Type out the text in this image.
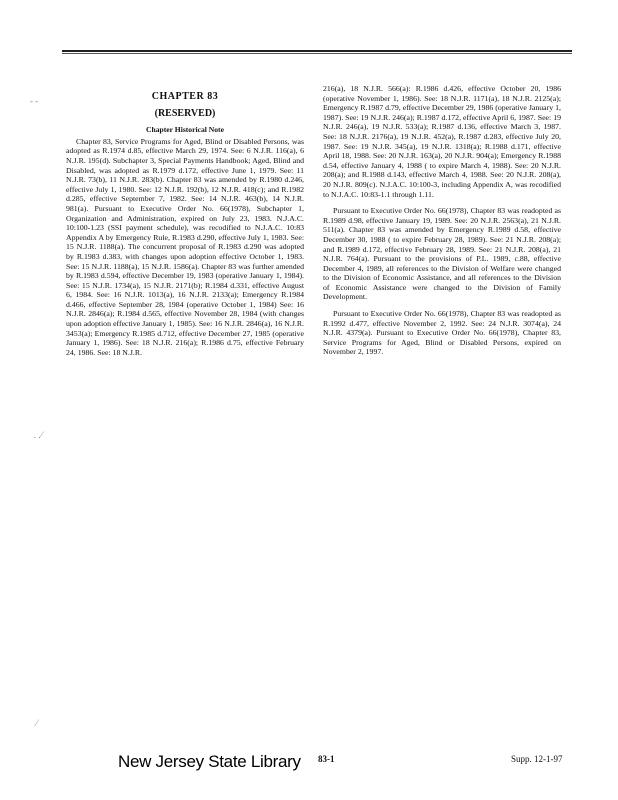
- -
. .⁄
⁄
CHAPTER 83
(RESERVED)
Chapter Historical Note

Chapter 83, Service Programs for Aged, Blind or Disabled Persons, was adopted as R.1974 d.85, effective March 29, 1974. See: 6 N.J.R. 116(a), 6 N.J.R. 195(d). Subchapter 3, Special Payments Handbook; Aged, Blind and Disabled, was adopted as R.1979 d.172, effective June 1, 1979. See: 11 N.J.R. 73(b), 11 N.J.R. 283(b). Chapter 83 was amended by R.1980 d.246, effective July 1, 1980. See: 12 N.J.R. 192(b), 12 N.J.R. 418(c); and R.1982 d.285, effective September 7, 1982. See: 14 N.J.R. 463(b), 14 N.J.R. 981(a). Pursuant to Executive Order No. 66(1978), Subchapter 1, Organization and Administration, expired on July 23, 1983. N.J.A.C. 10:100-1.23 (SSI payment schedule), was recodified to N.J.A.C. 10:83 Appendix A by Emergency Rule, R.1983 d.290, effective July 1, 1983. See: 15 N.J.R. 1188(a). The concurrent proposal of R.1983 d.290 was adopted by R.1983 d.383, with changes upon adoption effective October 1, 1983. See: 15 N.J.R. 1188(a), 15 N.J.R. 1586(a). Chapter 83 was further amended by R.1983 d.594, effective December 19, 1983 (operative January 1, 1984). See: 15 N.J.R. 1734(a), 15 N.J.R. 2171(b); R.1984 d.331, effective August 6, 1984. See: 16 N.J.R. 1013(a), 16 N.J.R. 2133(a); Emergency R.1984 d.466, effective September 28, 1984 (operative October 1, 1984) See: 16 N.J.R. 2846(a); R.1984 d.565, effective November 28, 1984 (with changes upon adoption effective January 1, 1985). See: 16 N.J.R. 2846(a), 16 N.J.R. 3453(a); Emergency R.1985 d.712, effective December 27, 1985 (operative January 1, 1986). See: 18 N.J.R. 216(a); R.1986 d.75, effective February 24, 1986. See: 18 N.J.R.

216(a), 18 N.J.R. 566(a): R.1986 d.426, effective October 20, 1986 (operative November 1, 1986). See: 18 N.J.R. 1171(a), 18 N.J.R. 2125(a); Emergency R.1987 d.79, effective December 29, 1986 (operative January 1, 1987). See: 19 N.J.R. 246(a); R.1987 d.172, effective April 6, 1987. See: 19 N.J.R. 246(a), 19 N.J.R. 533(a); R.1987 d.136, effective March 3, 1987. See: 18 N.J.R. 2176(a), 19 N.J.R. 452(a), R.1987 d.283, effective July 20, 1987. See: 19 N.J.R. 345(a), 19 N.J.R. 1318(a); R.1988 d.171, effective April 18, 1988. See: 20 N.J.R. 163(a), 20 N.J.R. 904(a); Emergency R.1988 d.54, effective January 4, 1988 ( to expire March 4, 1988). See: 20 N.J.R. 208(a); and R.1988 d.143, effective March 4, 1988. See: 20 N.J.R. 208(a), 20 N.J.R. 809(c). N.J.A.C. 10:100-3, including Appendix A, was recodified to N.J.A.C. 10:83-1.1 through 1.11.

Pursuant to Executive Order No. 66(1978), Chapter 83 was readopted as R.1989 d.98, effective January 19, 1989. See: 20 N.J.R. 2563(a), 21 N.J.R. 511(a). Chapter 83 was amended by Emergency R.1989 d.58, effective December 30, 1988 ( to expire February 28, 1989). See: 21 N.J.R. 208(a); and R.1989 d.172, effective February 28, 1989. See: 21 N.J.R. 208(a), 21 N.J.R. 764(a). Pursuant to the provisions of P.L. 1989, c.88, effective December 4, 1989, all references to the Division of Welfare were changed to the Division of Economic Assistance, and all references to the Division of Economic Assistance were changed to the Division of Family Development.

Pursuant to Executive Order No. 66(1978), Chapter 83 was readopted as R.1992 d.477, effective November 2, 1992. See: 24 N.J.R. 3074(a), 24 N.J.R. 4379(a). Pursuant to Executive Order No. 66(1978), Chapter 83, Service Programs for Aged, Blind or Disabled Persons, expired on November 2, 1997.

New Jersey State Library 83-1	Supp. 12-1-97
